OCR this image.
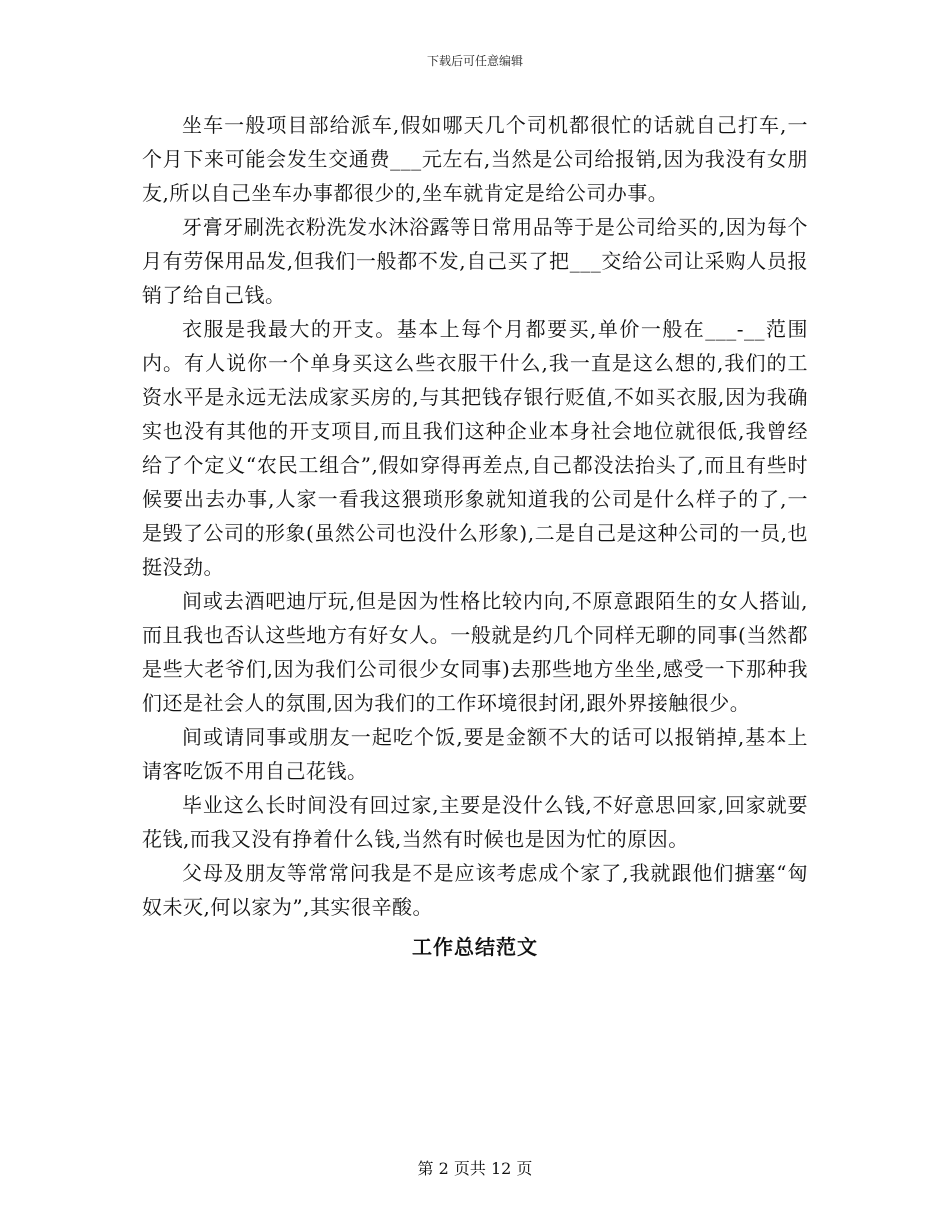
下载后可任意编辑

坐车一般项目部给派车,假如哪天几个司机都很忙的话就自己打车,一个月下来可能会发生交通费___元左右,当然是公司给报销,因为我没有女朋友,所以自己坐车办事都很少的,坐车就肯定是给公司办事。

牙膏牙刷洗衣粉洗发水沐浴露等日常用品等于是公司给买的,因为每个月有劳保用品发,但我们一般都不发,自己买了把___交给公司让采购人员报销了给自己钱。

衣服是我最大的开支。基本上每个月都要买,单价一般在___-__范围内。有人说你一个单身买这么些衣服干什么,我一直是这么想的,我们的工资水平是永远无法成家买房的,与其把钱存银行贬值,不如买衣服,因为我确实也没有其他的开支项目,而且我们这种企业本身社会地位就很低,我曾经给了个定义“农民工组合”,假如穿得再差点,自己都没法抬头了,而且有些时候要出去办事,人家一看我这猥琐形象就知道我的公司是什么样子的了,一是毁了公司的形象(虽然公司也没什么形象),二是自己是这种公司的一员,也挺没劲。

间或去酒吧迪厅玩,但是因为性格比较内向,不原意跟陌生的女人搭讪,而且我也否认这些地方有好女人。一般就是约几个同样无聊的同事(当然都是些大老爷们,因为我们公司很少女同事)去那些地方坐坐,感受一下那种我们还是社会人的氛围,因为我们的工作环境很封闭,跟外界接触很少。

间或请同事或朋友一起吃个饭,要是金额不大的话可以报销掉,基本上请客吃饭不用自己花钱。

毕业这么长时间没有回过家,主要是没什么钱,不好意思回家,回家就要花钱,而我又没有挣着什么钱,当然有时候也是因为忙的原因。

父母及朋友等常常问我是不是应该考虑成个家了,我就跟他们搪塞“匈奴未灭,何以家为”,其实很辛酸。

工作总结范文
第 2 页共 12 页
